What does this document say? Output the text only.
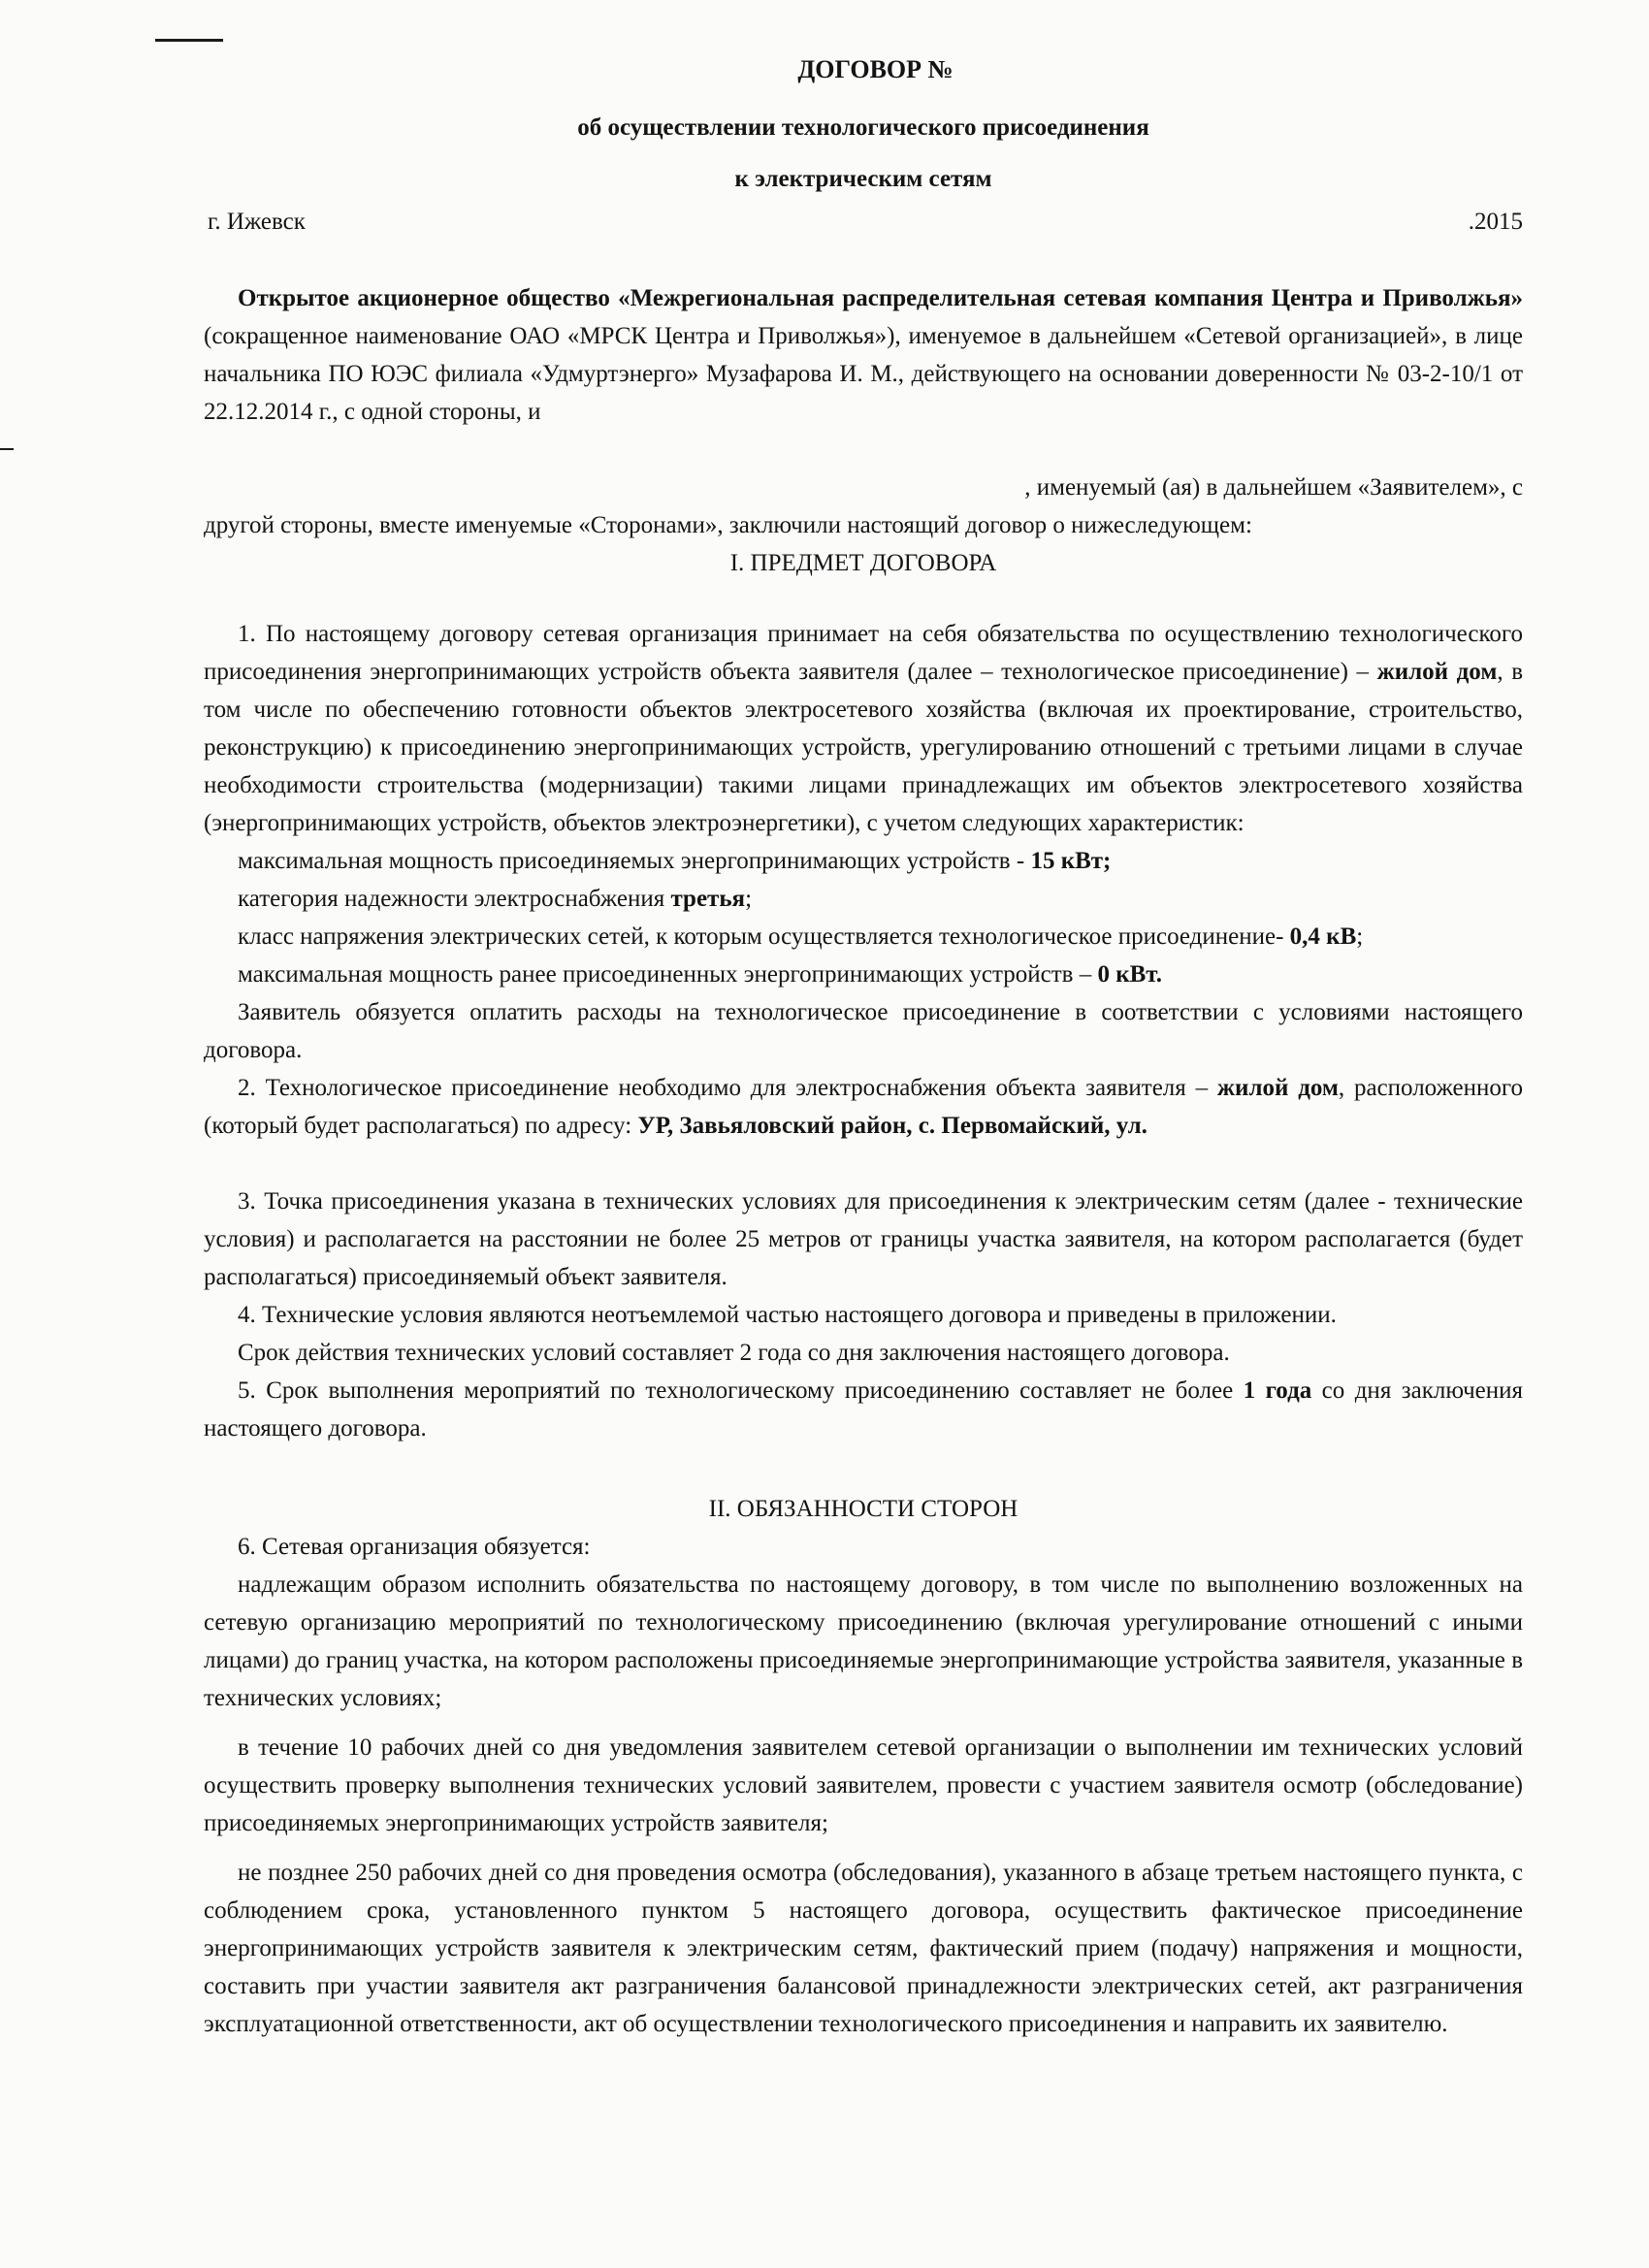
ДОГОВОР №
об осуществлении технологического присоединения
к электрическим сетям
г. Ижевск	.2015

Открытое акционерное общество «Межрегиональная распределительная сетевая компания Центра и Приволжья» (сокращенное наименование ОАО «МРСК Центра и Приволжья»), именуемое в дальнейшем «Сетевой организацией», в лице начальника ПО ЮЭС филиала «Удмуртэнерго» Музафарова И. М., действующего на основании доверенности № 03-2-10/1 от 22.12.2014 г., с одной стороны, и

, именуемый (ая) в дальнейшем «Заявителем», с

другой стороны, вместе именуемые «Сторонами», заключили настоящий договор о нижеследующем:

I. ПРЕДМЕТ ДОГОВОРА

1. По настоящему договору сетевая организация принимает на себя обязательства по осуществлению технологического присоединения энергопринимающих устройств объекта заявителя (далее – технологическое присоединение) – жилой дом, в том числе по обеспечению готовности объектов электросетевого хозяйства (включая их проектирование, строительство, реконструкцию) к присоединению энергопринимающих устройств, урегулированию отношений с третьими лицами в случае необходимости строительства (модернизации) такими лицами принадлежащих им объектов электросетевого хозяйства (энергопринимающих устройств, объектов электроэнергетики), с учетом следующих характеристик:

максимальная мощность присоединяемых энергопринимающих устройств - 15 кВт;

категория надежности электроснабжения третья;

класс напряжения электрических сетей, к которым осуществляется технологическое присоединение- 0,4 кВ;

максимальная мощность ранее присоединенных энергопринимающих устройств – 0 кВт.

Заявитель обязуется оплатить расходы на технологическое присоединение в соответствии с условиями настоящего договора.

2. Технологическое присоединение необходимо для электроснабжения объекта заявителя – жилой дом, расположенного (который будет располагаться) по адресу: УР, Завьяловский район, с. Первомайский, ул.

3. Точка присоединения указана в технических условиях для присоединения к электрическим сетям (далее - технические условия) и располагается на расстоянии не более 25 метров от границы участка заявителя, на котором располагается (будет располагаться) присоединяемый объект заявителя.

4. Технические условия являются неотъемлемой частью настоящего договора и приведены в приложении.

Срок действия технических условий составляет 2 года со дня заключения настоящего договора.

5. Срок выполнения мероприятий по технологическому присоединению составляет не более 1 года со дня заключения настоящего договора.

II. ОБЯЗАННОСТИ СТОРОН

6. Сетевая организация обязуется:

надлежащим образом исполнить обязательства по настоящему договору, в том числе по выполнению возложенных на сетевую организацию мероприятий по технологическому присоединению (включая урегулирование отношений с иными лицами) до границ участка, на котором расположены присоединяемые энергопринимающие устройства заявителя, указанные в технических условиях;

в течение 10 рабочих дней со дня уведомления заявителем сетевой организации о выполнении им технических условий осуществить проверку выполнения технических условий заявителем, провести с участием заявителя осмотр (обследование) присоединяемых энергопринимающих устройств заявителя;

не позднее 250 рабочих дней со дня проведения осмотра (обследования), указанного в абзаце третьем настоящего пункта, с соблюдением срока, установленного пунктом 5 настоящего договора, осуществить фактическое присоединение энергопринимающих устройств заявителя к электрическим сетям, фактический прием (подачу) напряжения и мощности, составить при участии заявителя акт разграничения балансовой принадлежности электрических сетей, акт разграничения эксплуатационной ответственности, акт об осуществлении технологического присоединения и направить их заявителю.
